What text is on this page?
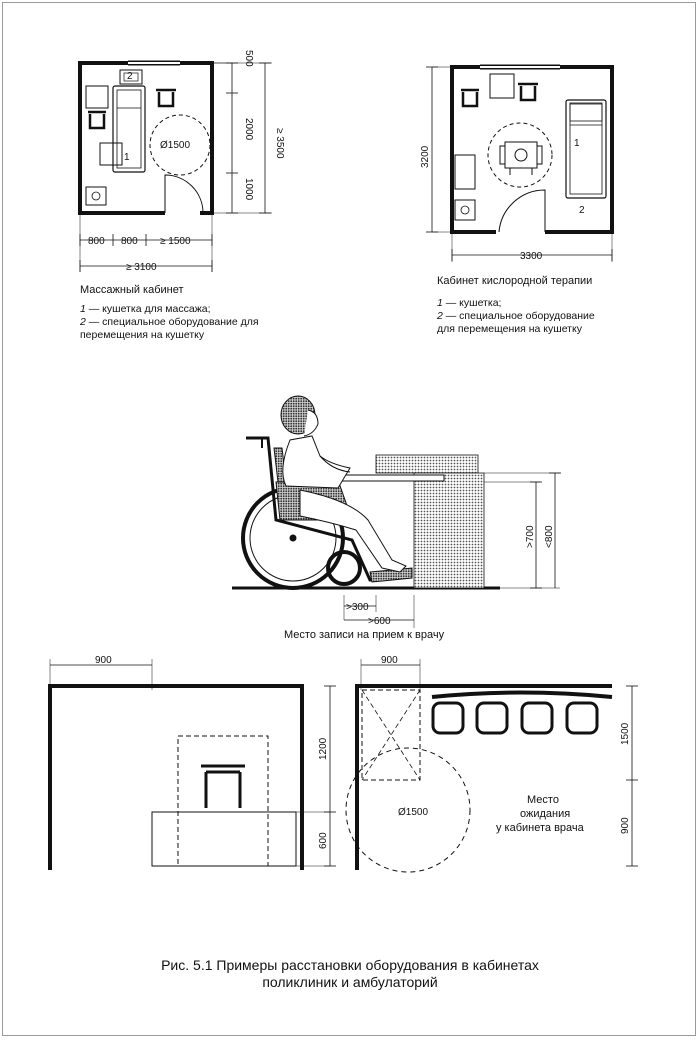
1
2
Ø1500
500
2000
1000
≥ 3500
800 800 ≥ 1500
≥ 3100
1
2
3200
3300
>300
>600
>700 <800
900
1200
600
900
Ø1500
1500
900
Место
ожидания
у кабинета врача
Массажный кабинет
1 — кушетка для массажа;
2 — специальное оборудование для
перемещения на кушетку
Кабинет кислородной терапии
1 — кушетка;
2 — специальное оборудование
для перемещения на кушетку
Место записи на прием к врачу
Рис. 5.1 Примеры расстановки оборудования в кабинетах
поликлиник и амбулаторий
